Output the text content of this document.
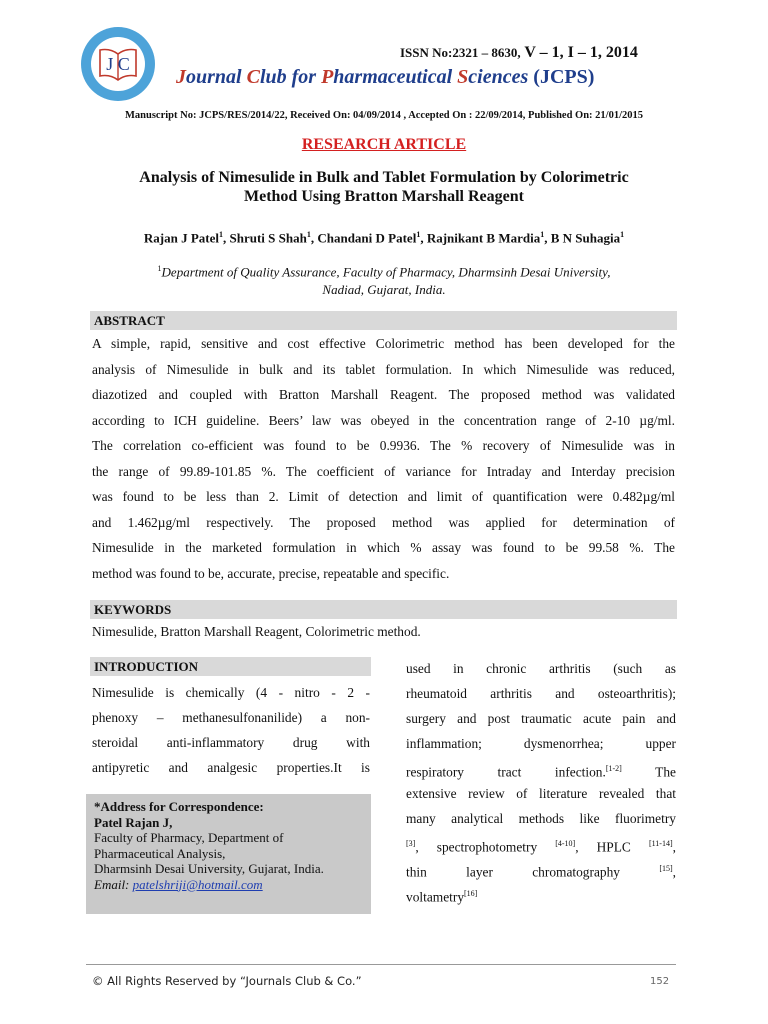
J C
ISSN No:2321 – 8630, V – 1, I – 1, 2014
Journal Club for Pharmaceutical Sciences (JCPS)
Manuscript No: JCPS/RES/2014/22, Received On: 04/09/2014 , Accepted On : 22/09/2014, Published On: 21/01/2015
RESEARCH ARTICLE
Analysis of Nimesulide in Bulk and Tablet Formulation by Colorimetric
Method Using Bratton Marshall Reagent
Rajan J Patel$^1$, Shruti S Shah$^1$, Chandani D Patel$^1$, Rajnikant B Mardia$^1$, B N Suhagia$^1$
$^1$Department of Quality Assurance, Faculty of Pharmacy, Dharmsinh Desai University,
Nadiad, Gujarat, India.
ABSTRACT
A simple, rapid, sensitive and cost effective Colorimetric method has been developed for the
analysis of Nimesulide in bulk and its tablet formulation. In which Nimesulide was reduced,
diazotized and coupled with Bratton Marshall Reagent. The proposed method was validated
according to ICH guideline. Beers’ law was obeyed in the concentration range of 2-10 µg/ml.
The correlation co-efficient was found to be 0.9936. The % recovery of Nimesulide was in
the range of 99.89-101.85 %. The coefficient of variance for Intraday and Interday precision
was found to be less than 2. Limit of detection and limit of quantification were 0.482µg/ml
and 1.462µg/ml respectively. The proposed method was applied for determination of
Nimesulide in the marketed formulation in which % assay was found to be 99.58 %. The
method was found to be, accurate, precise, repeatable and specific.
KEYWORDS
Nimesulide, Bratton Marshall Reagent, Colorimetric method.
INTRODUCTION
Nimesulide is chemically (4 - nitro - 2 -
phenoxy – methanesulfonanilide) a non-
steroidal anti-inflammatory drug with
antipyretic and analgesic properties.It is
used in chronic arthritis (such as
rheumatoid arthritis and osteoarthritis);
surgery and post traumatic acute pain and
inflammation; dysmenorrhea; upper
respiratory tract infection.[1-2] The
extensive review of literature revealed that
many analytical methods like fluorimetry
[3], spectrophotometry [4-10], HPLC [11-14],
thin layer chromatography [15],
voltametry[16]
*Address for Correspondence:
Patel Rajan J,
Faculty of Pharmacy, Department of
Pharmaceutical Analysis,
Dharmsinh Desai University, Gujarat, India.
Email: patelshriji@hotmail.com
© All Rights Reserved by “Journals Club & Co.”	152
